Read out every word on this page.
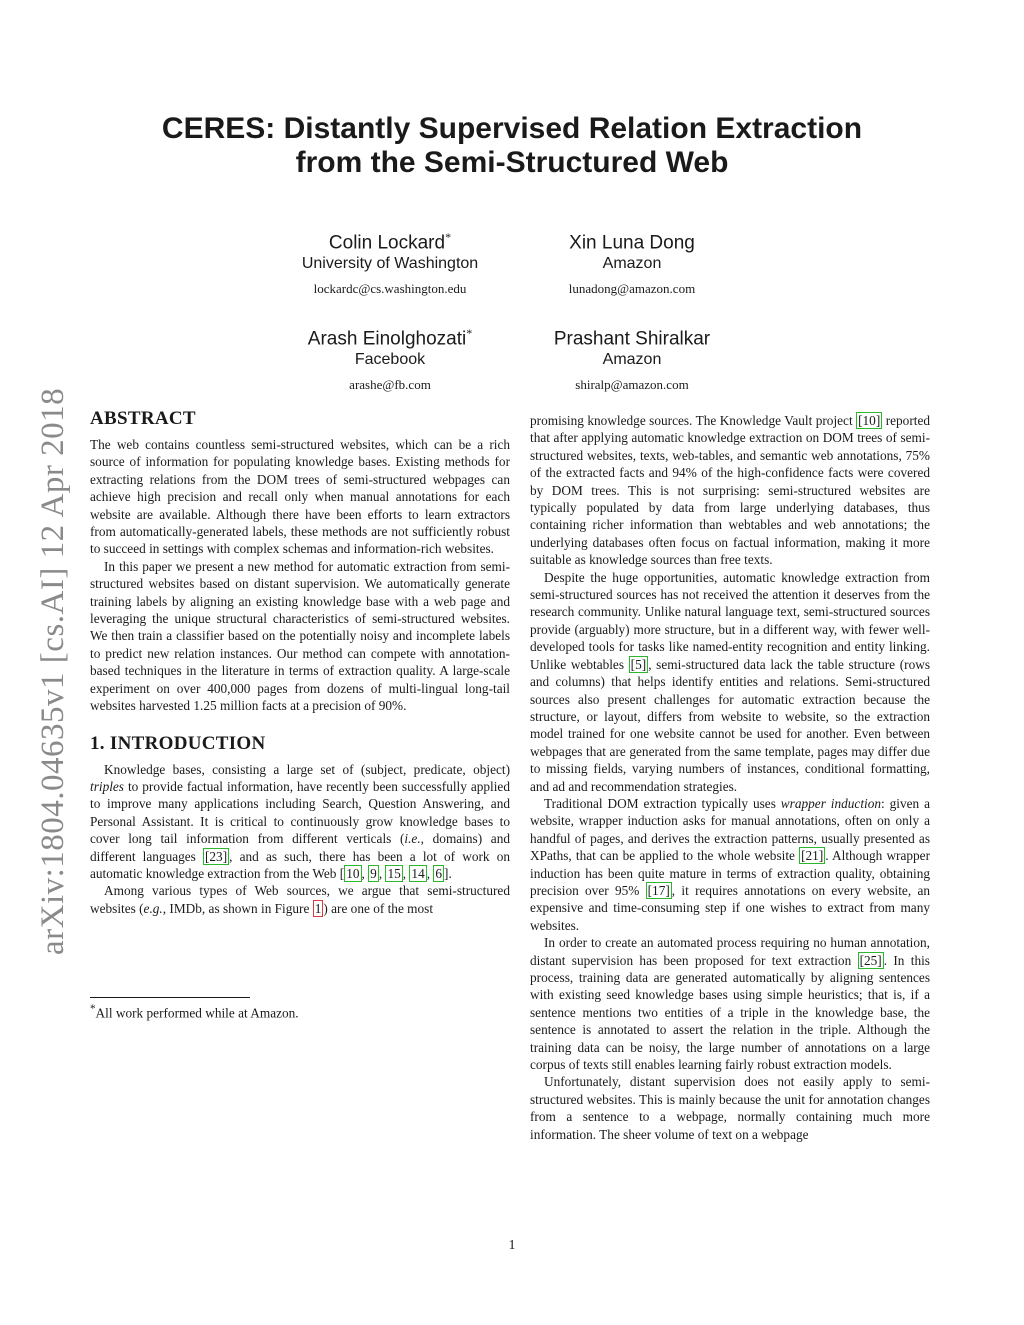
CERES: Distantly Supervised Relation Extraction
from the Semi-Structured Web
Colin Lockard*
University of Washington
lockardc@cs.washington.edu
Xin Luna Dong
Amazon
lunadong@amazon.com
Arash Einolghozati*
Facebook
arashe@fb.com
Prashant Shiralkar
Amazon
shiralp@amazon.com
arXiv:1804.04635v1 [cs.AI] 12 Apr 2018 ABSTRACT

The web contains countless semi-structured websites, which can be a rich source of information for populating knowledge bases. Existing methods for extracting relations from the DOM trees of semi-structured webpages can achieve high precision and recall only when manual annotations for each website are available. Although there have been efforts to learn extractors from automatically-generated labels, these methods are not sufficiently robust to succeed in settings with complex schemas and information-rich websites.

In this paper we present a new method for automatic extraction from semi-structured websites based on distant supervision. We automatically generate training labels by aligning an existing knowledge base with a web page and leveraging the unique structural characteristics of semi-structured websites. We then train a classifier based on the potentially noisy and incomplete labels to predict new relation instances. Our method can compete with annotation-based techniques in the literature in terms of extraction quality. A large-scale experiment on over 400,000 pages from dozens of multi-lingual long-tail websites harvested 1.25 million facts at a precision of 90%.

1. INTRODUCTION

Knowledge bases, consisting a large set of (subject, predicate, object) triples to provide factual information, have recently been successfully applied to improve many applications including Search, Question Answering, and Personal Assistant. It is critical to continuously grow knowledge bases to cover long tail information from different verticals (i.e., domains) and different languages [23] , and as such, there has been a lot of work on automatic knowledge extraction from the Web [ 10 , 9 , 15 , 14 , 6 ].

Among various types of Web sources, we argue that semi-structured websites (e.g., IMDb, as shown in Figure 1 ) are one of the most

*All work performed while at Amazon.

promising knowledge sources. The Knowledge Vault project [10] reported that after applying automatic knowledge extraction on DOM trees of semi-structured websites, texts, web-tables, and semantic web annotations, 75% of the extracted facts and 94% of the high-confidence facts were covered by DOM trees. This is not surprising: semi-structured websites are typically populated by data from large underlying databases, thus containing richer information than webtables and web annotations; the underlying databases often focus on factual information, making it more suitable as knowledge sources than free texts.

Despite the huge opportunities, automatic knowledge extraction from semi-structured sources has not received the attention it deserves from the research community. Unlike natural language text, semi-structured sources provide (arguably) more structure, but in a different way, with fewer well-developed tools for tasks like named-entity recognition and entity linking. Unlike webtables [5] , semi-structured data lack the table structure (rows and columns) that helps identify entities and relations. Semi-structured sources also present challenges for automatic extraction because the structure, or layout, differs from website to website, so the extraction model trained for one website cannot be used for another. Even between webpages that are generated from the same template, pages may differ due to missing fields, varying numbers of instances, conditional formatting, and ad and recommendation strategies.

Traditional DOM extraction typically uses wrapper induction: given a website, wrapper induction asks for manual annotations, often on only a handful of pages, and derives the extraction patterns, usually presented as XPaths, that can be applied to the whole website [21] . Although wrapper induction has been quite mature in terms of extraction quality, obtaining precision over 95% [17] , it requires annotations on every website, an expensive and time-consuming step if one wishes to extract from many websites.

In order to create an automated process requiring no human annotation, distant supervision has been proposed for text extraction [25] . In this process, training data are generated automatically by aligning sentences with existing seed knowledge bases using simple heuristics; that is, if a sentence mentions two entities of a triple in the knowledge base, the sentence is annotated to assert the relation in the triple. Although the training data can be noisy, the large number of annotations on a large corpus of texts still enables learning fairly robust extraction models.

Unfortunately, distant supervision does not easily apply to semi-structured websites. This is mainly because the unit for annotation changes from a sentence to a webpage, normally containing much more information. The sheer volume of text on a webpage

1
